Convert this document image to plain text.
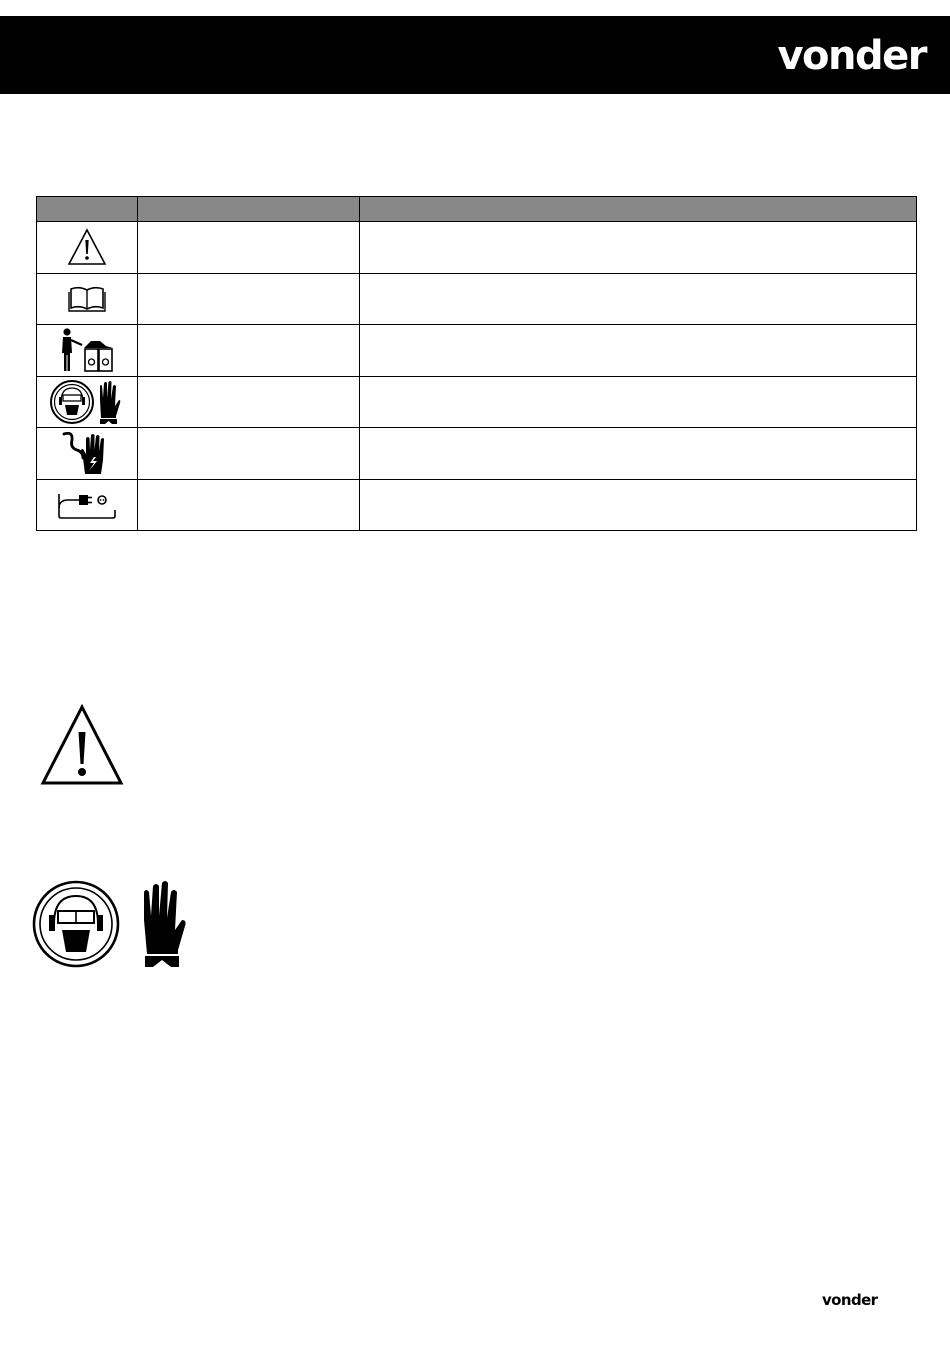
vonder

vonder
